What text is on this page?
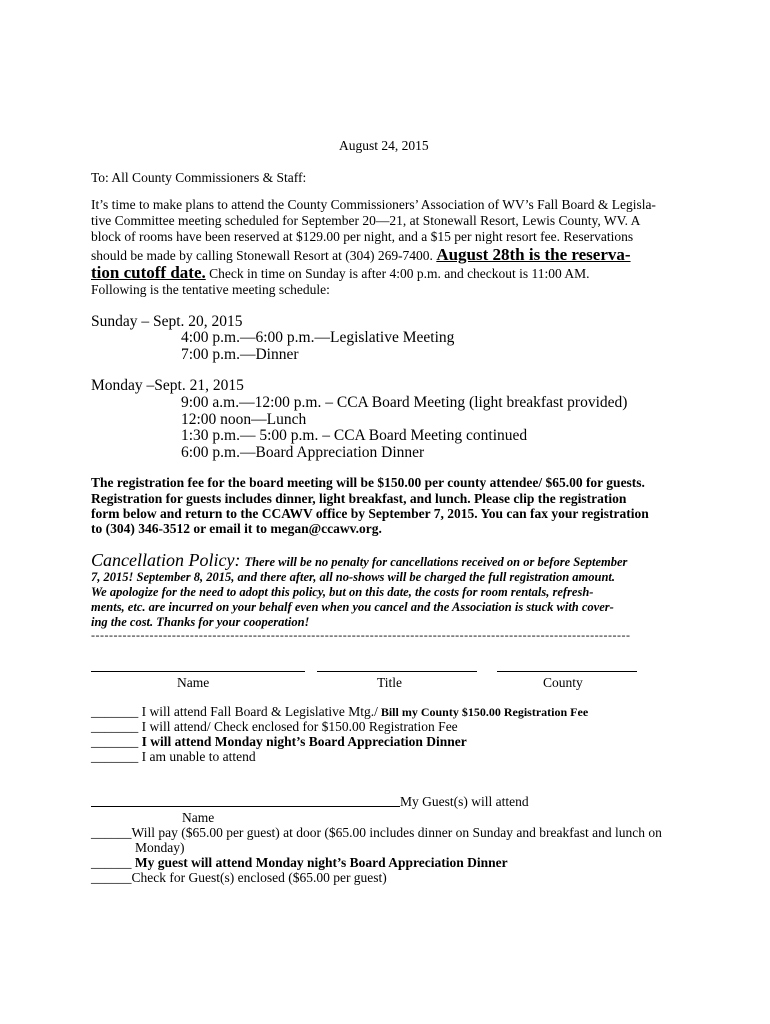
August 24, 2015
To: All County Commissioners & Staff:
It’s time to make plans to attend the County Commissioners’ Association of WV’s Fall Board & Legisla-
tive Committee meeting scheduled for September 20—21, at Stonewall Resort, Lewis County, WV. A
block of rooms have been reserved at $129.00 per night, and a $15 per night resort fee. Reservations
should be made by calling Stonewall Resort at (304) 269-7400. August 28th is the reserva-
tion cutoff date. Check in time on Sunday is after 4:00 p.m. and checkout is 11:00 AM.
Following is the tentative meeting schedule:
Sunday – Sept. 20, 2015
4:00 p.m.—6:00 p.m.—Legislative Meeting
7:00 p.m.—Dinner
Monday –Sept. 21, 2015
9:00 a.m.—12:00 p.m. – CCA Board Meeting (light breakfast provided)
12:00 noon—Lunch
1:30 p.m.— 5:00 p.m. – CCA Board Meeting continued
6:00 p.m.—Board Appreciation Dinner
The registration fee for the board meeting will be $150.00 per county attendee/ $65.00 for guests.
Registration for guests includes dinner, light breakfast, and lunch. Please clip the registration
form below and return to the CCAWV office by September 7, 2015. You can fax your registration
to (304) 346-3512 or email it to megan@ccawv.org.
Cancellation Policy: There will be no penalty for cancellations received on or before September
7, 2015! September 8, 2015, and there after, all no-shows will be charged the full registration amount.
We apologize for the need to adopt this policy, but on this date, the costs for room rentals, refresh-
ments, etc. are incurred on your behalf even when you cancel and the Association is stuck with cover-
ing the cost. Thanks for your cooperation!
------------------------------------------------------------------------------------------------------------------------
Name	Title	County
_______ I will attend Fall Board & Legislative Mtg./ Bill my County $150.00 Registration Fee
_______ I will attend/ Check enclosed for $150.00 Registration Fee
_______ I will attend Monday night’s Board Appreciation Dinner
_______ I am unable to attend
My Guest(s) will attend
Name
______Will pay ($65.00 per guest) at door ($65.00 includes dinner on Sunday and breakfast and lunch on
Monday)
______ My guest will attend Monday night’s Board Appreciation Dinner
______Check for Guest(s) enclosed ($65.00 per guest)
